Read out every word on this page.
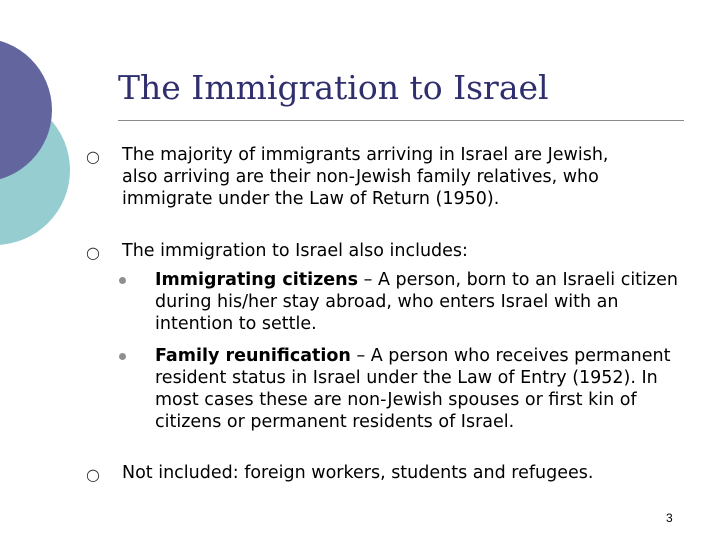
The Immigration to Israel

○ The majority of immigrants arriving in Israel are Jewish, also arriving are their non-Jewish family relatives, who immigrate under the Law of Return (1950).

○ The immigration to Israel also includes:

Immigrating citizens – A person, born to an Israeli citizen during his/her stay abroad, who enters Israel with an intention to settle.

Family reunification – A person who receives permanent resident status in Israel under the Law of Entry (1952). In most cases these are non-Jewish spouses or first kin of citizens or permanent residents of Israel.

○ Not included: foreign workers, students and refugees.

3
